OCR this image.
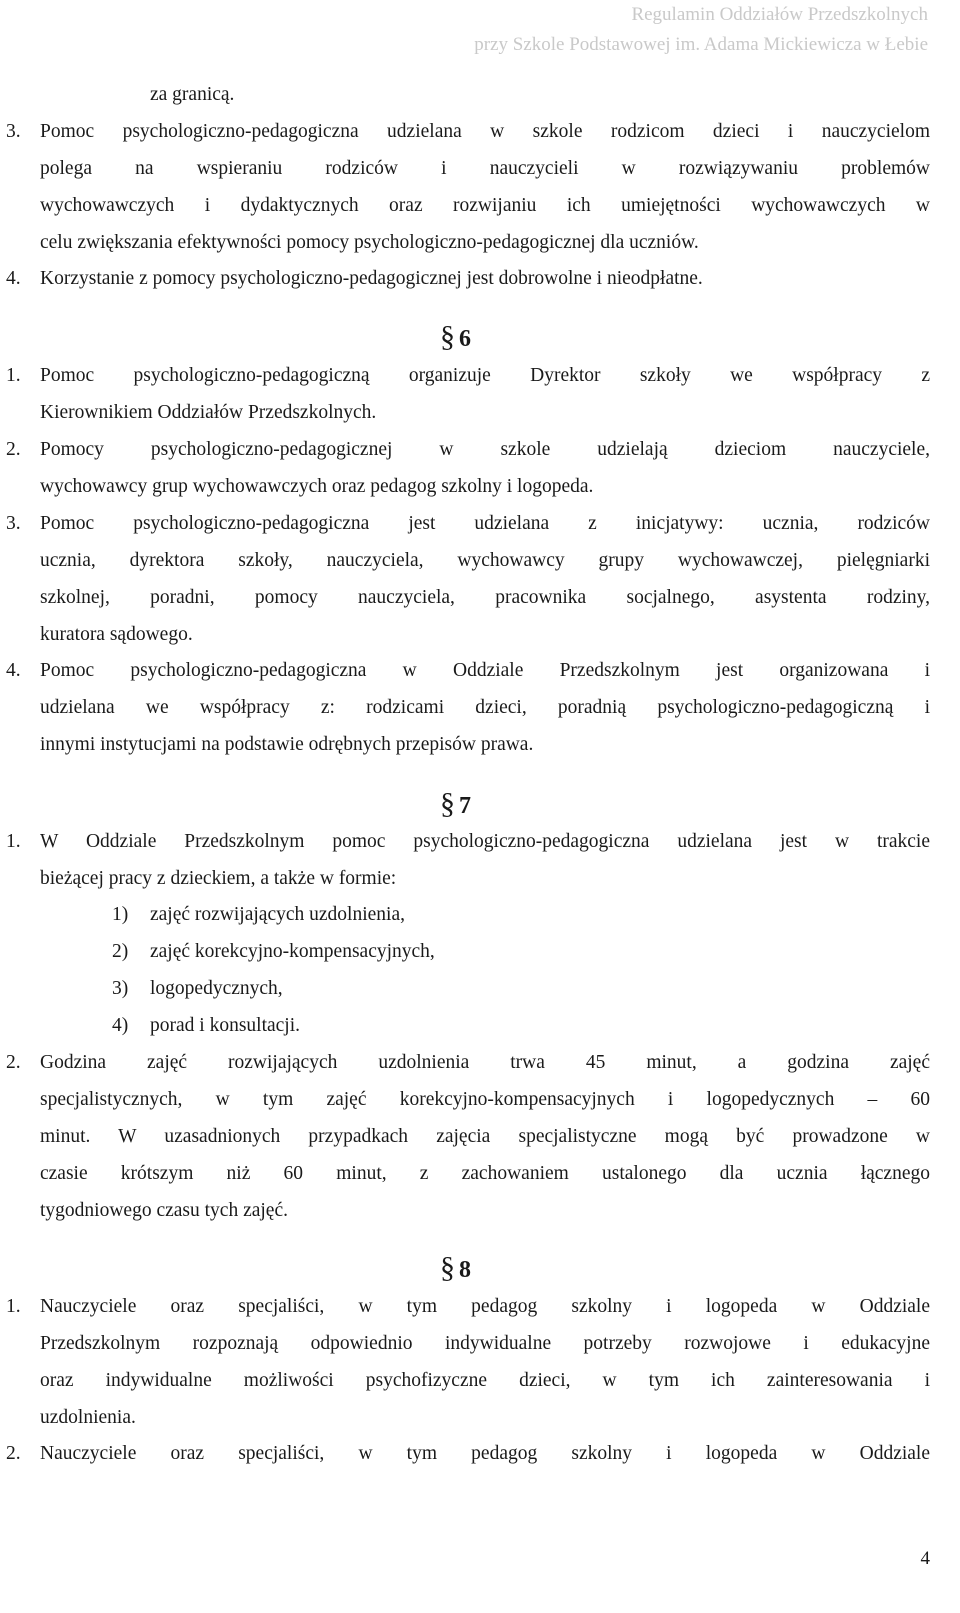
Regulamin Oddziałów Przedszkolnych
przy Szkole Podstawowej im. Adama Mickiewicza w Łebie
za granicą.
3. Pomoc psychologiczno-pedagogiczna udzielana w szkole rodzicom dzieci i nauczycielom
polega na wspieraniu rodziców i nauczycieli w rozwiązywaniu problemów
wychowawczych i dydaktycznych oraz rozwijaniu ich umiejętności wychowawczych w
celu zwiększania efektywności pomocy psychologiczno-pedagogicznej dla uczniów.
4. Korzystanie z pomocy psychologiczno-pedagogicznej jest dobrowolne i nieodpłatne.
§ 6
1. Pomoc psychologiczno-pedagogiczną organizuje Dyrektor szkoły we współpracy z
Kierownikiem Oddziałów Przedszkolnych.
2. Pomocy psychologiczno-pedagogicznej w szkole udzielają dzieciom nauczyciele,
wychowawcy grup wychowawczych oraz pedagog szkolny i logopeda.
3. Pomoc psychologiczno-pedagogiczna jest udzielana z inicjatywy: ucznia, rodziców
ucznia, dyrektora szkoły, nauczyciela, wychowawcy grupy wychowawczej, pielęgniarki
szkolnej, poradni, pomocy nauczyciela, pracownika socjalnego, asystenta rodziny,
kuratora sądowego.
4. Pomoc psychologiczno-pedagogiczna w Oddziale Przedszkolnym jest organizowana i
udzielana we współpracy z: rodzicami dzieci, poradnią psychologiczno-pedagogiczną i
innymi instytucjami na podstawie odrębnych przepisów prawa.
§ 7
1. W Oddziale Przedszkolnym pomoc psychologiczno-pedagogiczna udzielana jest w trakcie
bieżącej pracy z dzieckiem, a także w formie:
1) zajęć rozwijających uzdolnienia,
2) zajęć korekcyjno-kompensacyjnych,
3) logopedycznych,
4) porad i konsultacji.
2. Godzina zajęć rozwijających uzdolnienia trwa 45 minut, a godzina zajęć
specjalistycznych, w tym zajęć korekcyjno-kompensacyjnych i logopedycznych – 60
minut. W uzasadnionych przypadkach zajęcia specjalistyczne mogą być prowadzone w
czasie krótszym niż 60 minut, z zachowaniem ustalonego dla ucznia łącznego
tygodniowego czasu tych zajęć.
§ 8
1. Nauczyciele oraz specjaliści, w tym pedagog szkolny i logopeda w Oddziale
Przedszkolnym rozpoznają odpowiednio indywidualne potrzeby rozwojowe i edukacyjne
oraz indywidualne możliwości psychofizyczne dzieci, w tym ich zainteresowania i
uzdolnienia.
2. Nauczyciele oraz specjaliści, w tym pedagog szkolny i logopeda w Oddziale
4
